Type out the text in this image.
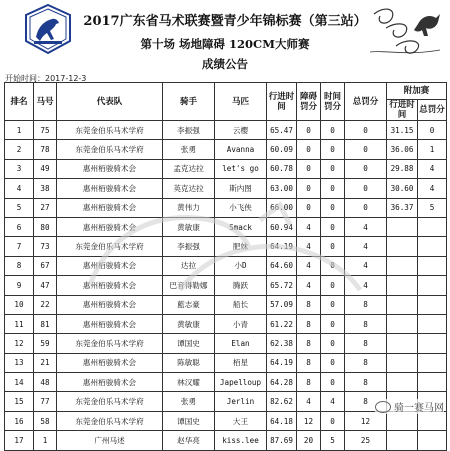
2017广东省马术联赛暨青少年锦标赛（第三站）
第十场 场地障碍 120CM大师赛
成绩公告
开始时间：2017-12-3
排名	马号	代表队	骑手	马匹	行进时间	障碍罚分	时间罚分	总罚分	附加赛	
									行进时间	总罚分
1	75	东莞金伯乐马术学府	李振强	云樱	65.47	0	0	0	31.15	0
2	78	东莞金伯乐马术学府	张勇	Avanna	60.09	0	0	0	36.06	1
3	49	惠州栢骏骑术会	孟克达拉	let's go	60.78	0	0	0	29.88	4
4	38	惠州栢骏骑术会	英克达拉	斯内图	63.00	0	0	0	30.60	4
5	27	惠州栢骏骑术会	黄伟力	小飞侠	66.00	0	0	0	36.37	5
6	80	惠州栢骏骑术会	黄敏康	Smack	60.94	4	0	4		
7	73	东莞金伯乐马术学府	李振强	肥妹	64.19	4	0	4		
8	67	惠州栢骏骑术会	达拉	小D	64.60	4	0	4		
9	47	惠州栢骏骑术会	巴音得勒娜	腾跃	65.72	4	0	4		
10	22	惠州栢骏骑术会	藍志豪	船长	57.09	8	0	8		
11	81	惠州栢骏骑术会	黄敏康	小青	61.22	8	0	8		
12	59	东莞金伯乐马术学府	谭国史	Elan	62.38	8	0	8		
13	21	惠州栢骏骑术会	陈敏聪	栢星	64.19	8	0	8		
14	48	惠州栢骏骑术会	林汉耀	Japelloup	64.28	8	0	8		
15	77	东莞金伯乐马术学府	张勇	Jerlin	82.62	4	4	8		
16	58	东莞金伯乐马术学府	谭国史	大王	64.18	12	0	12		
17	1	广州马述	赵华亮	kiss.lee	87.69	20	5	25		
骑一赛马网
